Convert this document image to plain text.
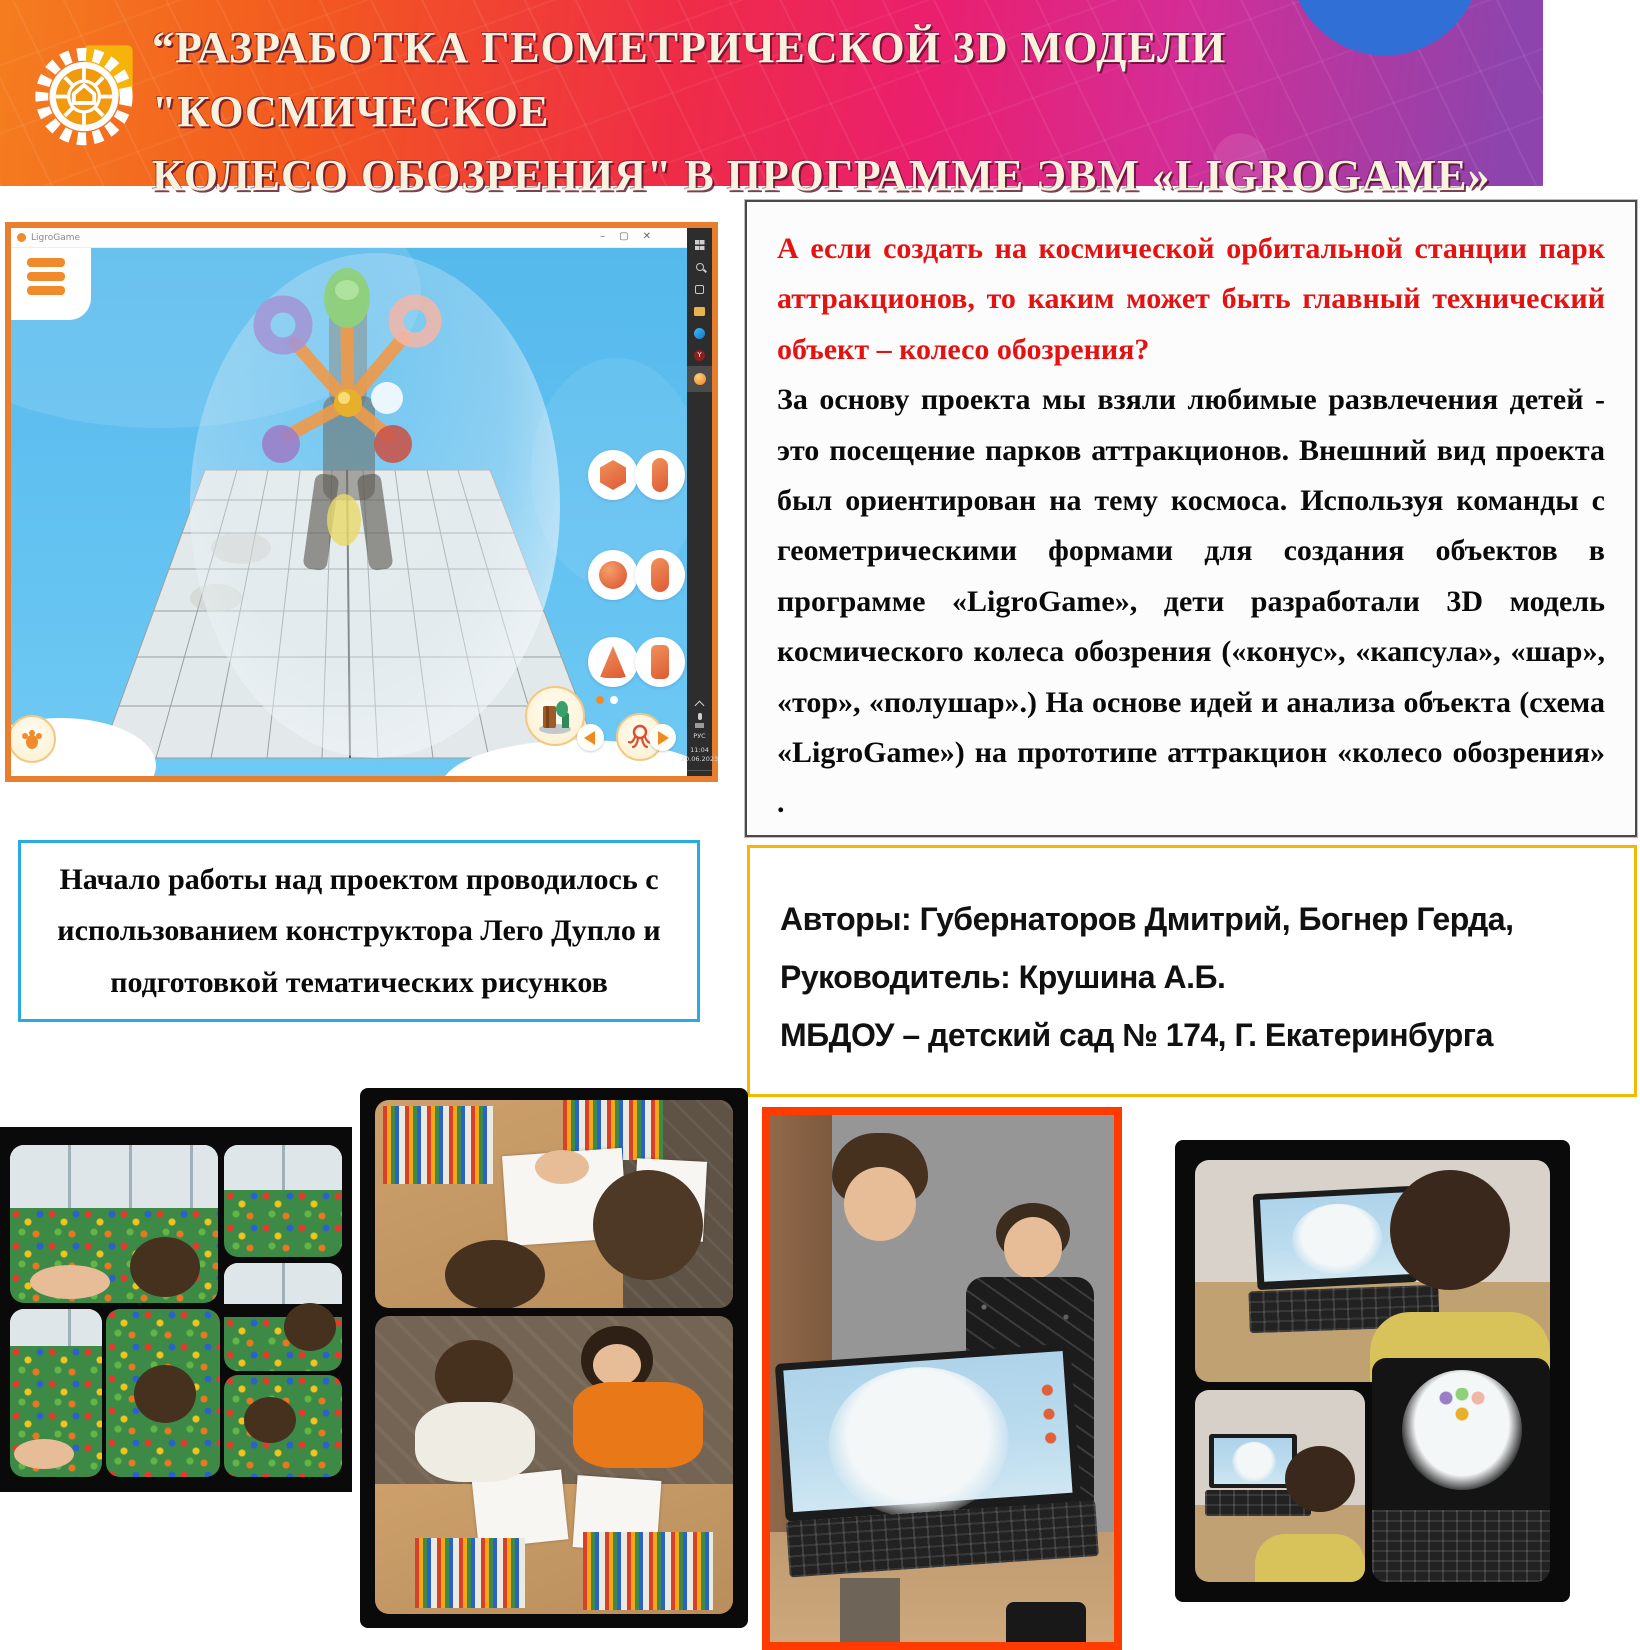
“РАЗРАБОТКА ГЕОМЕТРИЧЕСКОЙ 3D МОДЕЛИ "КОСМИЧЕСКОЕ
КОЛЕСО ОБОЗРЕНИЯ" В ПРОГРАММЕ ЭВМ «LIGROGAME»
LigroGame	– ▢ ✕
Y
РУС
11:04
20.06.2023

А если создать на космической орбитальной станции парк аттракционов, то каким может быть главный технический объект – колесо обозрения?

За основу проекта мы взяли любимые развлечения детей - это посещение парков аттракционов. Внешний вид проекта был ориентирован на тему космоса. Используя команды с геометрическими формами для создания объектов в программе «LigroGame», дети разработали 3D модель космического колеса обозрения («конус», «капсула», «шар», «тор», «полушар».) На основе идей и анализа объекта (схема «LigroGame») на прототипе аттракцион «колесо обозрения» .

Начало работы над проектом проводилось с использованием конструктора Лего Дупло и подготовкой тематических рисунков

Авторы: Губернаторов Дмитрий, Богнер Герда,

Руководитель: Крушина А.Б.

МБДОУ – детский сад № 174, Г. Екатеринбурга
